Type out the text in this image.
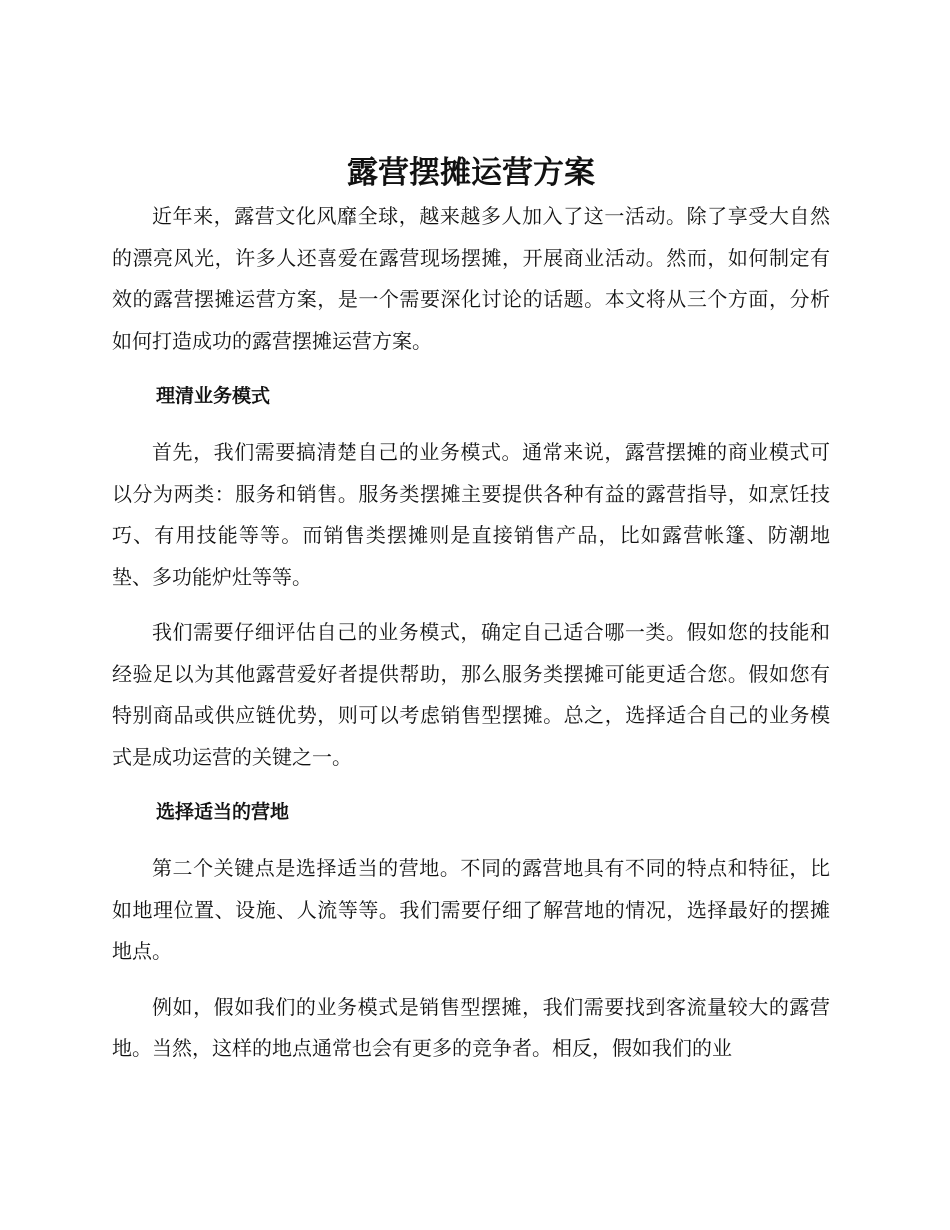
露营摆摊运营方案

近年来，露营文化风靡全球，越来越多人加入了这一活动。除了享受大自然的漂亮风光，许多人还喜爱在露营现场摆摊，开展商业活动。然而，如何制定有效的露营摆摊运营方案，是一个需要深化讨论的话题。本文将从三个方面，分析如何打造成功的露营摆摊运营方案。

理清业务模式

首先，我们需要搞清楚自己的业务模式。通常来说，露营摆摊的商业模式可以分为两类：服务和销售。服务类摆摊主要提供各种有益的露营指导，如烹饪技巧、有用技能等等。而销售类摆摊则是直接销售产品，比如露营帐篷、防潮地垫、多功能炉灶等等。

我们需要仔细评估自己的业务模式，确定自己适合哪一类。假如您的技能和经验足以为其他露营爱好者提供帮助，那么服务类摆摊可能更适合您。假如您有特别商品或供应链优势，则可以考虑销售型摆摊。总之，选择适合自己的业务模式是成功运营的关键之一。

选择适当的营地

第二个关键点是选择适当的营地。不同的露营地具有不同的特点和特征，比如地理位置、设施、人流等等。我们需要仔细了解营地的情况，选择最好的摆摊地点。

例如，假如我们的业务模式是销售型摆摊，我们需要找到客流量较大的露营地。当然，这样的地点通常也会有更多的竞争者。相反，假如我们的业
